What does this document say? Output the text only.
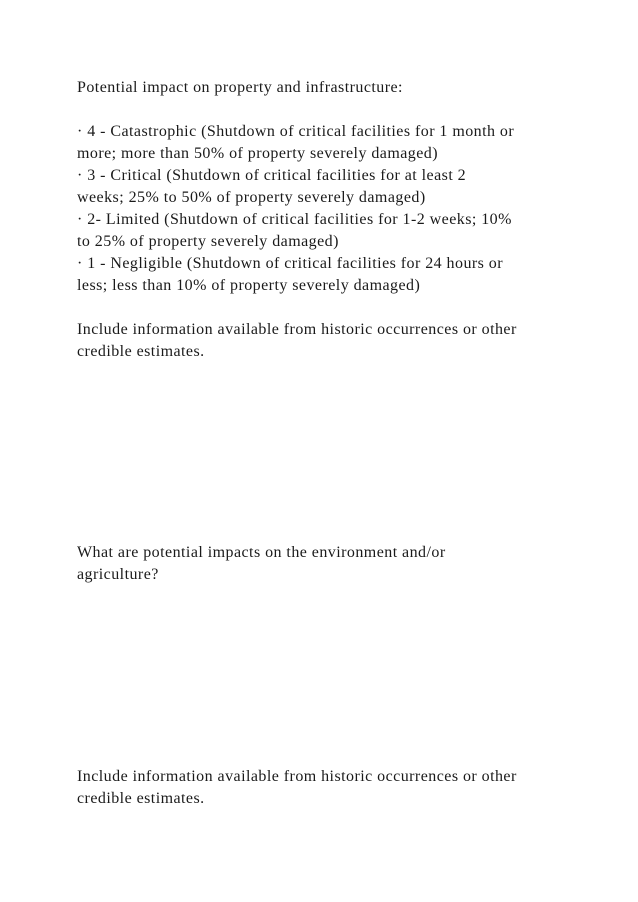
Potential impact on property and infrastructure:

· 4 - Catastrophic (Shutdown of critical facilities for 1 month or

more; more than 50% of property severely damaged)

· 3 - Critical (Shutdown of critical facilities for at least 2

weeks; 25% to 50% of property severely damaged)

· 2- Limited (Shutdown of critical facilities for 1-2 weeks; 10%

to 25% of property severely damaged)

· 1 - Negligible (Shutdown of critical facilities for 24 hours or

less; less than 10% of property severely damaged)

Include information available from historic occurrences or other

credible estimates.

What are potential impacts on the environment and/or

agriculture?

Include information available from historic occurrences or other

credible estimates.
